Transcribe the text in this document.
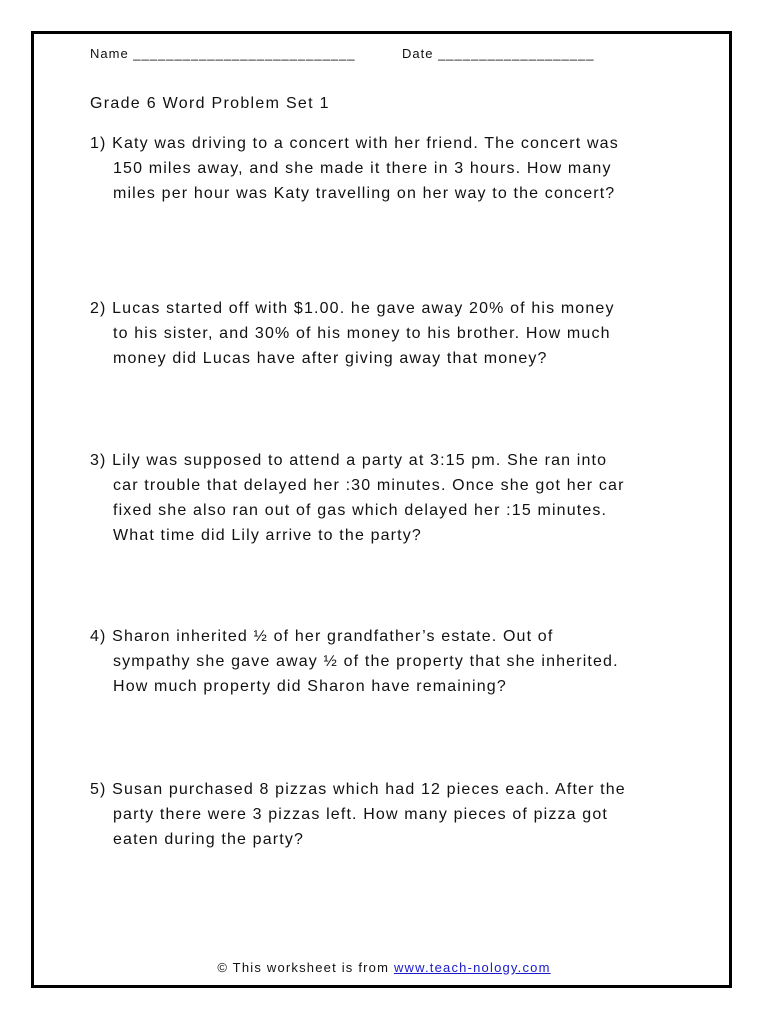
Name ___________________________	Date ___________________
Grade 6 Word Problem Set 1
1) Katy was driving to a concert with her friend. The concert was
150 miles away, and she made it there in 3 hours. How many
miles per hour was Katy travelling on her way to the concert?
2) Lucas started off with $1.00. he gave away 20% of his money
to his sister, and 30% of his money to his brother. How much
money did Lucas have after giving away that money?
3) Lily was supposed to attend a party at 3:15 pm. She ran into
car trouble that delayed her :30 minutes. Once she got her car
fixed she also ran out of gas which delayed her :15 minutes.
What time did Lily arrive to the party?
4) Sharon inherited ½ of her grandfather’s estate. Out of
sympathy she gave away ½ of the property that she inherited.
How much property did Sharon have remaining?
5) Susan purchased 8 pizzas which had 12 pieces each. After the
party there were 3 pizzas left. How many pieces of pizza got
eaten during the party?
© This worksheet is from www.teach-nology.com
